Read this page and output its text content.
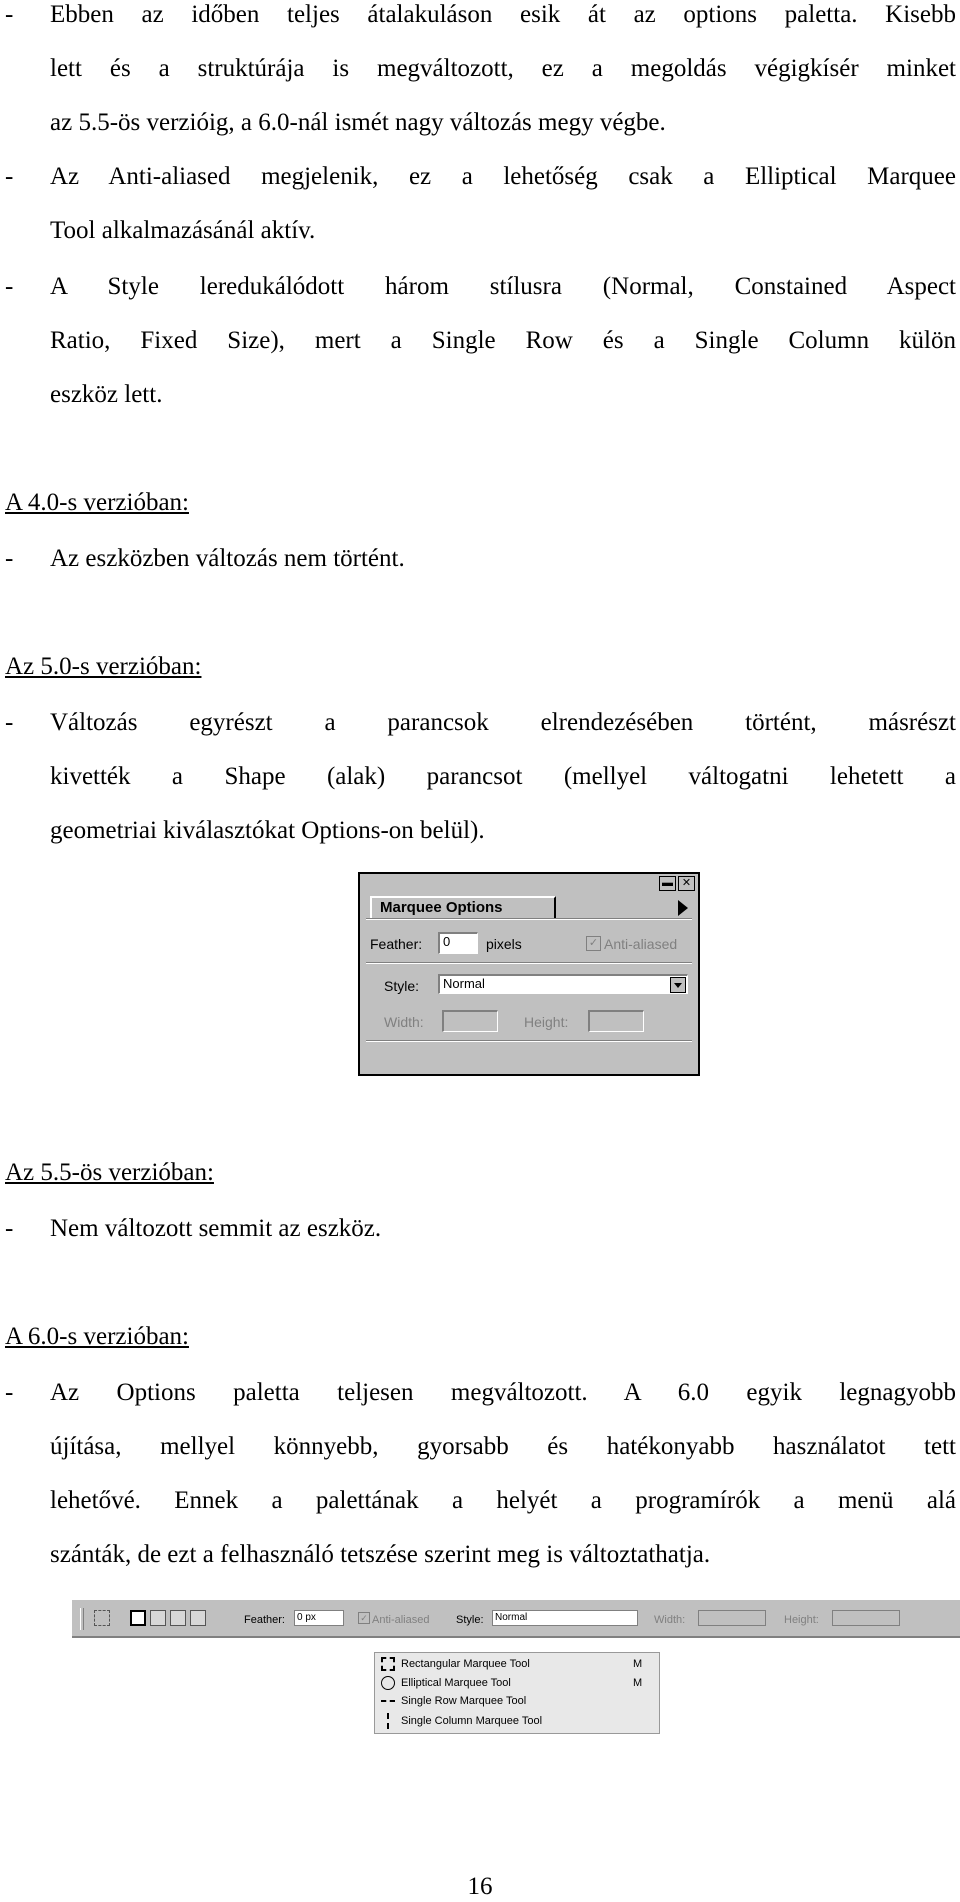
- Ebben az időben teljes átalakuláson esik át az options paletta. Kisebb
lett és a struktúrája is megváltozott, ez a megoldás végigkísér minket
az 5.5-ös verzióig, a 6.0-nál ismét nagy változás megy végbe.
- Az Anti-aliased megjelenik, ez a lehetőség csak a Elliptical Marquee
Tool alkalmazásánál aktív.
- A Style leredukálódott három stílusra (Normal, Constained Aspect
Ratio, Fixed Size), mert a Single Row és a Single Column külön
eszköz lett.
A 4.0-s verzióban:
- Az eszközben változás nem történt.
Az 5.0-s verzióban:
- Változás egyrészt a parancsok elrendezésében történt, másrészt
kivették a Shape (alak) parancsot (mellyel váltogatni lehetett a
geometriai kiválasztókat Options-on belül).
▬ ✕
Marquee Options
Feather:	0	pixels	✓ Anti-aliased
Style:	Normal
Width:	Height:
Az 5.5-ös verzióban:
- Nem változott semmit az eszköz.
A 6.0-s verzióban:
- Az Options paletta teljesen megváltozott. A 6.0 egyik legnagyobb
újítása, mellyel könnyebb, gyorsabb és hatékonyabb használatot tett
lehetővé. Ennek a palettának a helyét a programírók a menü alá
szánták, de ezt a felhasználó tetszése szerint meg is változtathatja.
Feather:	0 px	✓ Anti-aliased Style:	Normal	Width:	Height:
Rectangular Marquee Tool	M
Elliptical Marquee Tool	M
Single Row Marquee Tool
Single Column Marquee Tool
16
